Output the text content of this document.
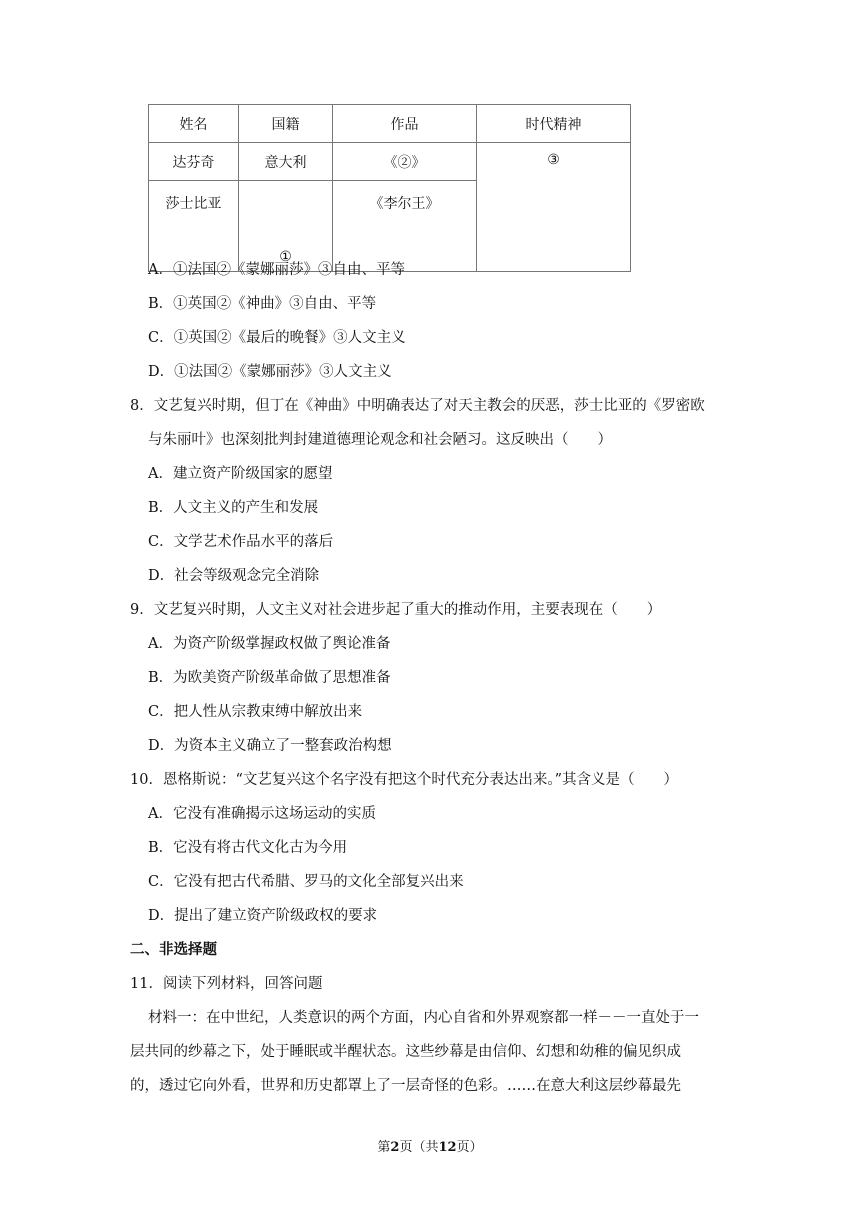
姓名	国籍	作品	时代精神
达芬奇	意大利	《②》	③
莎士比亚	①	《李尔王》	
A．①法国②《蒙娜丽莎》③自由、平等
B．①英国②《神曲》③自由、平等
C．①英国②《最后的晚餐》③人文主义
D．①法国②《蒙娜丽莎》③人文主义
8．文艺复兴时期，但丁在《神曲》中明确表达了对天主教会的厌恶，莎士比亚的《罗密欧
与朱丽叶》也深刻批判封建道德理论观念和社会陋习。这反映出（　　）
A．建立资产阶级国家的愿望
B．人文主义的产生和发展
C．文学艺术作品水平的落后
D．社会等级观念完全消除
9．文艺复兴时期，人文主义对社会进步起了重大的推动作用，主要表现在（　　）
A．为资产阶级掌握政权做了舆论准备
B．为欧美资产阶级革命做了思想准备
C．把人性从宗教束缚中解放出来
D．为资本主义确立了一整套政治构想
10．恩格斯说：“文艺复兴这个名字没有把这个时代充分表达出来。”其含义是（　　）
A．它没有准确揭示这场运动的实质
B．它没有将古代文化古为今用
C．它没有把古代希腊、罗马的文化全部复兴出来
D．提出了建立资产阶级政权的要求
二、非选择题
11．阅读下列材料，回答问题
材料一：在中世纪，人类意识的两个方面，内心自省和外界观察都一样－－一直处于一
层共同的纱幕之下，处于睡眠或半醒状态。这些纱幕是由信仰、幻想和幼稚的偏见织成
的，透过它向外看，世界和历史都罩上了一层奇怪的色彩。……在意大利这层纱幕最先
第2页（共12页）
